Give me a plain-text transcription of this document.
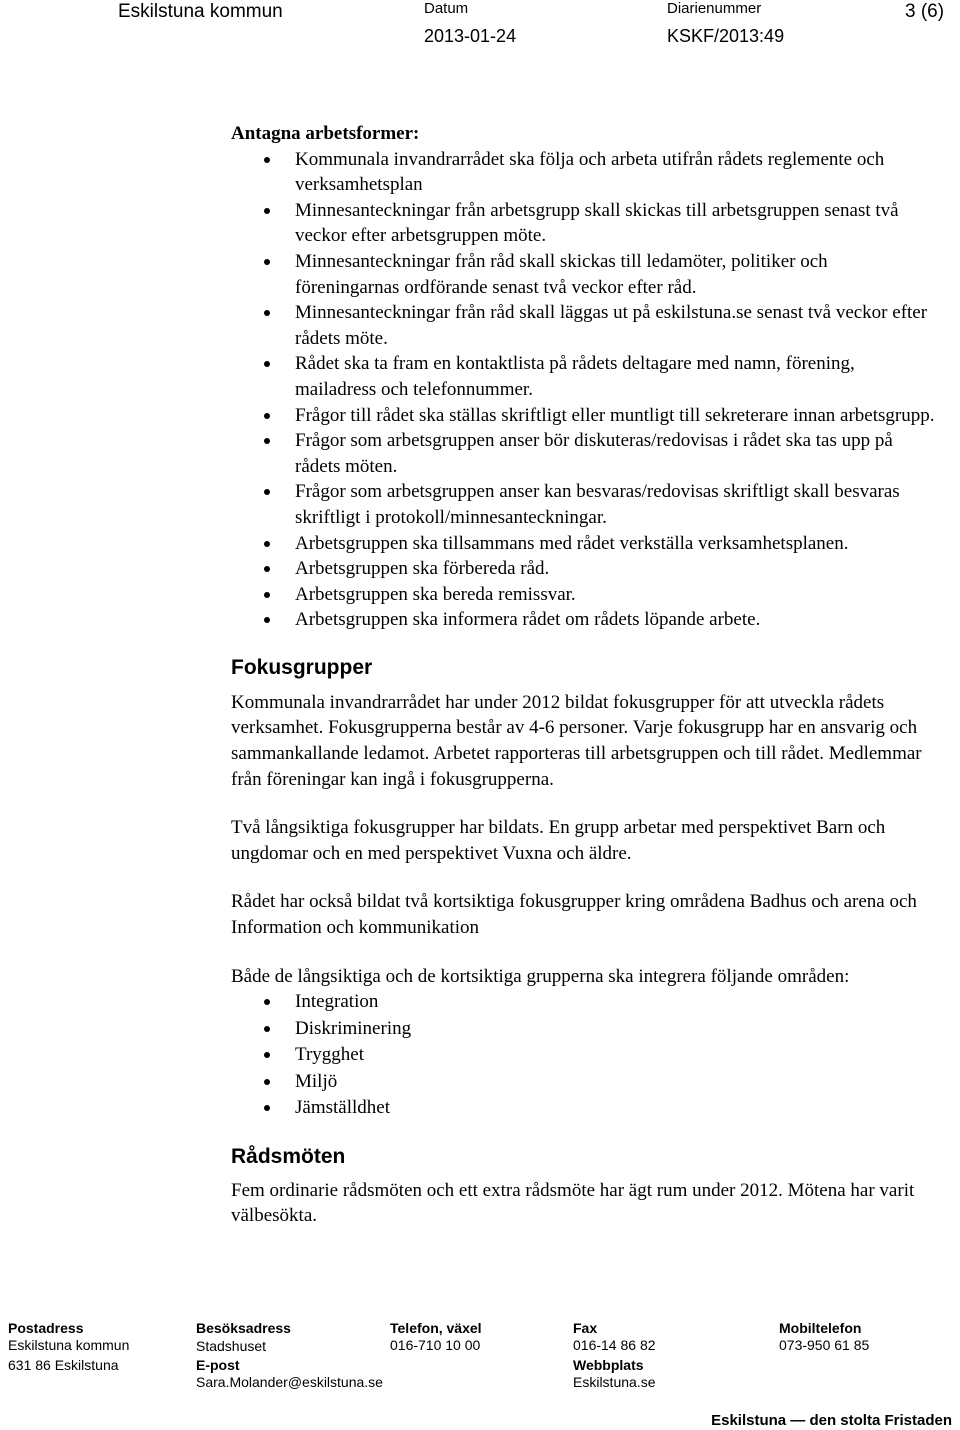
Eskilstuna kommun	Datum
2013-01-24
Diarienummer
KSKF/2013:49
3 (6)
Antagna arbetsformer:
Kommunala invandrarrådet ska följa och arbeta utifrån rådets reglemente och verksamhetsplan
Minnesanteckningar från arbetsgrupp skall skickas till arbetsgruppen senast två veckor efter arbetsgruppen möte.
Minnesanteckningar från råd skall skickas till ledamöter, politiker och föreningarnas ordförande senast två veckor efter råd.
Minnesanteckningar från råd skall läggas ut på eskilstuna.se senast två veckor efter rådets möte.
Rådet ska ta fram en kontaktlista på rådets deltagare med namn, förening, mailadress och telefonnummer.
Frågor till rådet ska ställas skriftligt eller muntligt till sekreterare innan arbetsgrupp.
Frågor som arbetsgruppen anser bör diskuteras/redovisas i rådet ska tas upp på rådets möten.
Frågor som arbetsgruppen anser kan besvaras/redovisas skriftligt skall besvaras skriftligt i protokoll/minnesanteckningar.
Arbetsgruppen ska tillsammans med rådet verkställa verksamhetsplanen.
Arbetsgruppen ska förbereda råd.
Arbetsgruppen ska bereda remissvar.
Arbetsgruppen ska informera rådet om rådets löpande arbete.
Fokusgrupper

Kommunala invandrarrådet har under 2012 bildat fokusgrupper för att utveckla rådets verksamhet. Fokusgrupperna består av 4-6 personer. Varje fokusgrupp har en ansvarig och sammankallande ledamot. Arbetet rapporteras till arbetsgruppen och till rådet. Medlemmar från föreningar kan ingå i fokusgrupperna.

Två långsiktiga fokusgrupper har bildats. En grupp arbetar med perspektivet Barn och ungdomar och en med perspektivet Vuxna och äldre.

Rådet har också bildat två kortsiktiga fokusgrupper kring områdena Badhus och arena och Information och kommunikation

Både de långsiktiga och de kortsiktiga grupperna ska integrera följande områden:

Integration
Diskriminering
Trygghet
Miljö
Jämställdhet
Rådsmöten

Fem ordinarie rådsmöten och ett extra rådsmöte har ägt rum under 2012. Mötena har varit välbesökta.

Postadress
Eskilstuna kommun
631 86 Eskilstuna
Besöksadress
Stadshuset
E-post
Sara.Molander@eskilstuna.se
Telefon, växel
016-710 10 00
Fax
016-14 86 82
Webbplats
Eskilstuna.se
Mobiltelefon
073-950 61 85
Eskilstuna — den stolta Fristaden
